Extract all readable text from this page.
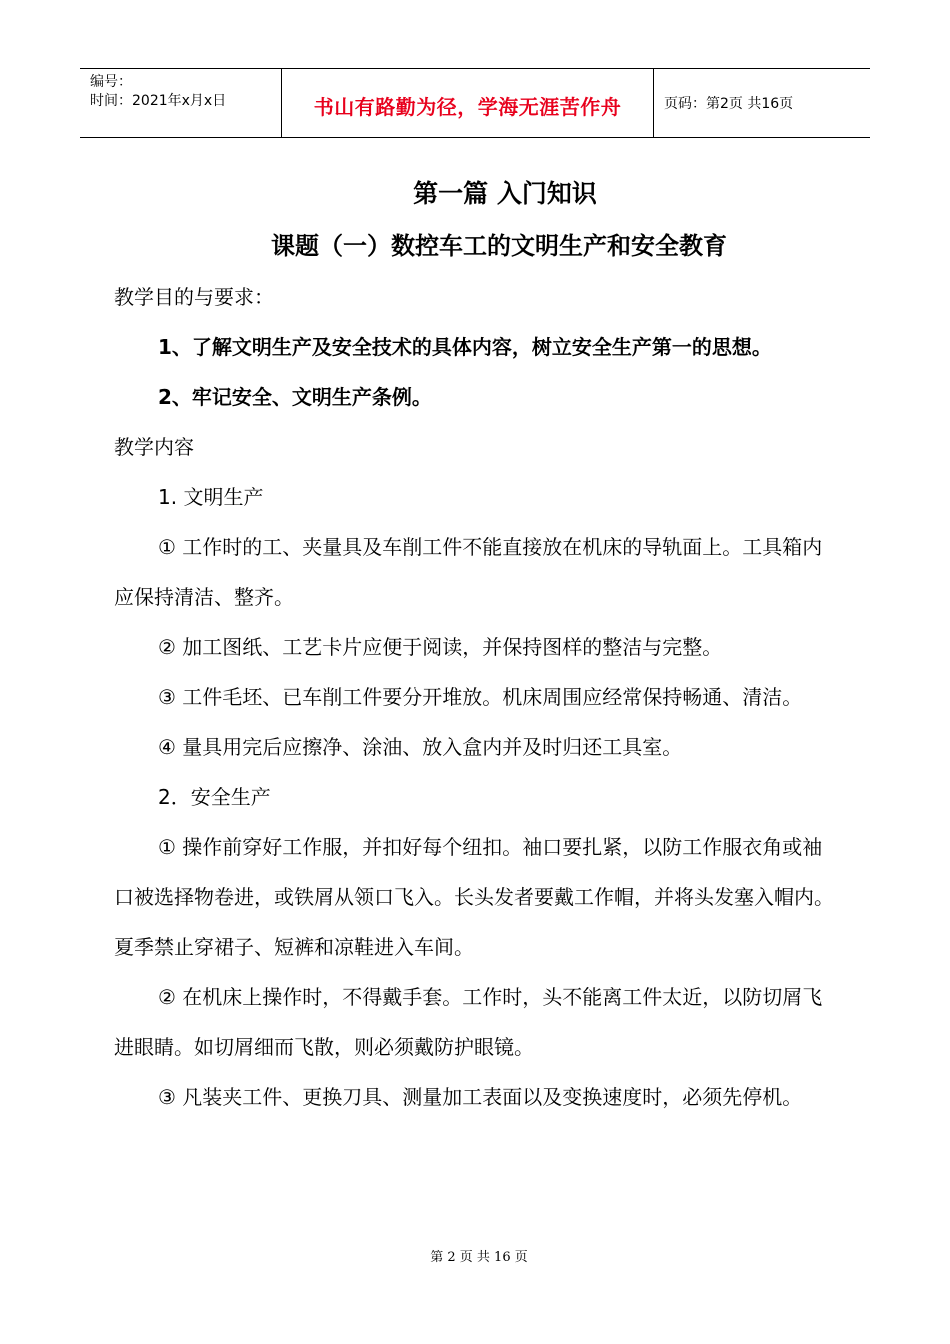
编号：
时间：2021年x月x日	书山有路勤为径，学海无涯苦作舟	页码：第2页 共16页
第一篇 入门知识
课题（一）数控车工的文明生产和安全教育

教学目的与要求：

1、了解文明生产及安全技术的具体内容，树立安全生产第一的思想。

2、牢记安全、文明生产条例。

教学内容

1. 文明生产

① 工作时的工、夹量具及车削工件不能直接放在机床的导轨面上。工具箱内应保持清洁、整齐。

② 加工图纸、工艺卡片应便于阅读，并保持图样的整洁与完整。

③ 工件毛坯、已车削工件要分开堆放。机床周围应经常保持畅通、清洁。

④ 量具用完后应擦净、涂油、放入盒内并及时归还工具室。

2．安全生产

① 操作前穿好工作服，并扣好每个纽扣。袖口要扎紧，以防工作服衣角或袖口被选择物卷进，或铁屑从领口飞入。长头发者要戴工作帽，并将头发塞入帽内。夏季禁止穿裙子、短裤和凉鞋进入车间。

② 在机床上操作时，不得戴手套。工作时，头不能离工件太近，以防切屑飞进眼睛。如切屑细而飞散，则必须戴防护眼镜。

③ 凡装夹工件、更换刀具、测量加工表面以及变换速度时，必须先停机。

第 2 页 共 16 页
